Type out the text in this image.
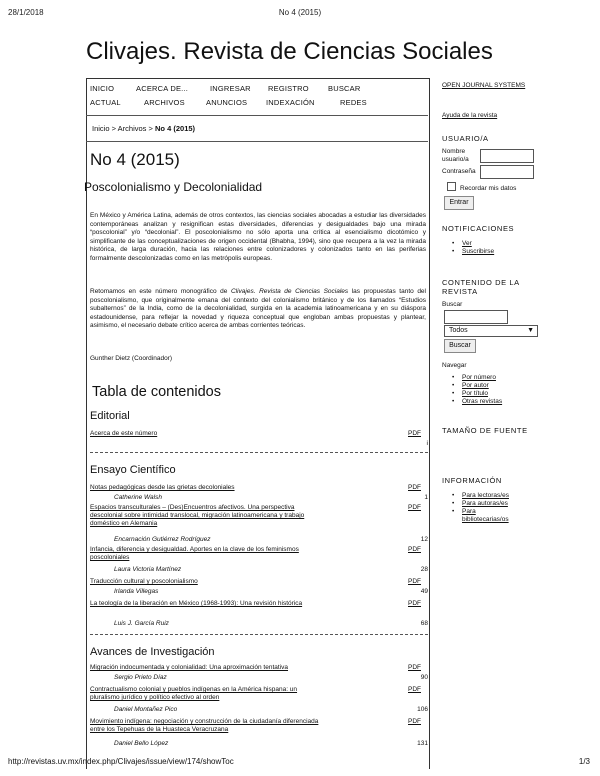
28/1/2018	No 4 (2015)
http://revistas.uv.mx/index.php/Clivajes/issue/view/174/showToc	1/3
Clivajes. Revista de Ciencias Sociales
INICIO	ACERCA DE...	INGRESAR REGISTRO	BUSCAR
ACTUAL	ARCHIVOS	ANUNCIOS	INDEXACIÓN	REDES
Inicio > Archivos > No 4 (2015)
No 4 (2015)
Poscolonialismo y Decolonialidad
En México y América Latina, además de otros contextos, las ciencias sociales abocadas a estudiar las diversidades contemporáneas analizan y resignifican estas diversidades, diferencias y desigualdades bajo una mirada “poscolonial” y/o “decolonial”. El poscolonialismo no sólo aporta una crítica al esencialismo dicotómico y simplificante de las conceptualizaciones de origen occidental (Bhabha, 1994), sino que recupera a la vez la mirada histórica, de larga duración, hacia las relaciones entre colonizadores y colonizados tanto en las periferias formalmente descolonizadas como en las metrópolis europeas.
Retomamos en este número monográfico de Clivajes. Revista de Ciencias Sociales las propuestas tanto del poscolonialismo, que originalmente emana del contexto del colonialismo británico y de los llamados “Estudios subalternos” de la India, como de la decolonialidad, surgida en la academia latinoamericana y en su diáspora estadounidense, para reflejar la novedad y riqueza conceptual que engloban ambas propuestas y plantear, asimismo, el necesario debate crítico acerca de ambas corrientes teóricas.
Gunther Dietz (Coordinador)
Tabla de contenidos
Editorial
Acerca de este número	PDF
i
Ensayo Científico
Notas pedagógicas desde las grietas decoloniales	PDF
Catherine Walsh	1
Espacios transculturales – (Des)Encuentros afectivos. Una perspectiva descolonial sobre intimidad translocal, migración latinoamericana y trabajo doméstico en Alemania
PDF
Encarnación Gutiérrez Rodríguez	12
Infancia, diferencia y desigualdad. Aportes en la clave de los feminismos poscoloniales
PDF
Laura Victoria Martínez	28
Traducción cultural y poscolonialismo	PDF
Irlanda Villegas	49
La teología de la liberación en México (1968-1993): Una revisión histórica	PDF
Luis J. García Ruiz	68
Avances de Investigación
Migración indocumentada y colonialidad: Una aproximación tentativa	PDF
Sergio Prieto Díaz	90
Contractualismo colonial y pueblos indígenas en la América hispana: un pluralismo jurídico y político efectivo al orden
PDF
Daniel Montañez Pico	106
Movimiento indígena: negociación y construcción de la ciudadanía diferenciada entre los Tepehuas de la Huasteca Veracruzana
PDF
Daniel Bello López	131
OPEN JOURNAL SYSTEMS
Ayuda de la revista
USUARIO/A
Nombre usuario/a
Contraseña
Recordar mis datos
Entrar
NOTIFICACIONES
• Ver
• Suscribirse
CONTENIDO DE LA REVISTA
Buscar
Todos	▼
Buscar
Navegar
• Por número
• Por autor
• Por título
• Otras revistas
TAMAÑO DE FUENTE
INFORMACIÓN
• Para lectoras/es
• Para autoras/es
• Para bibliotecarias/os
